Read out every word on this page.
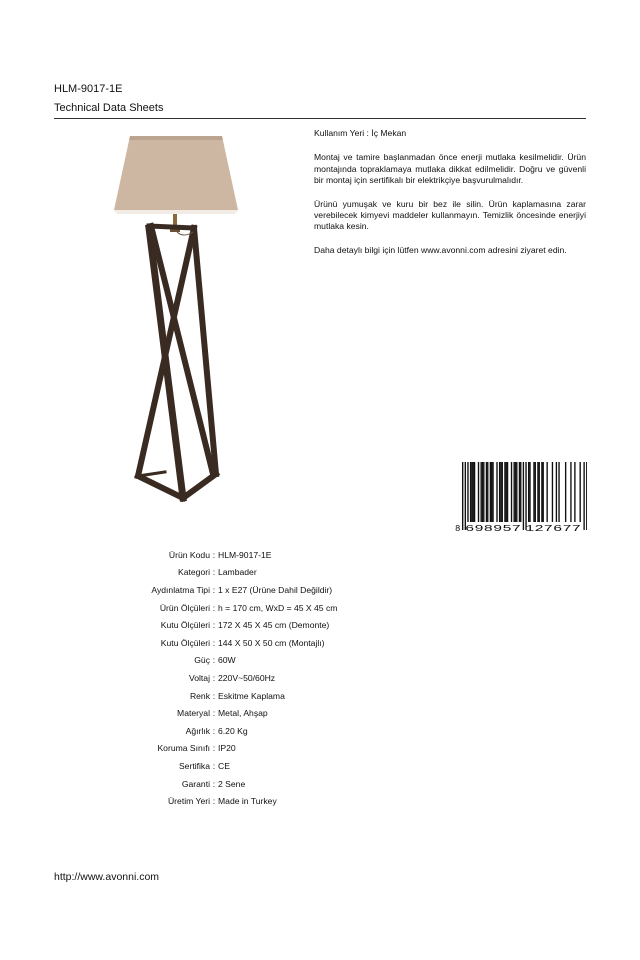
HLM-9017-1E
Technical Data Sheets

Kullanım Yeri : İç Mekan

Montaj ve tamire başlanmadan önce enerji mutlaka kesilmelidir. Ürün montajında topraklamaya mutlaka dikkat edilmelidir. Doğru ve güvenli bir montaj için sertifikalı bir elektrikçiye başvurulmalıdır.

Ürünü yumuşak ve kuru bir bez ile silin. Ürün kaplamasına zarar verebilecek kimyevi maddeler kullanmayın. Temizlik öncesinde enerjiyi mutlaka kesin.

Daha detaylı bilgi için lütfen www.avonni.com adresini ziyaret edin.

8 698957 127677
Ürün Kodu : HLM-9017-1E
Kategori : Lambader
Aydınlatma Tipi : 1 x E27 (Ürüne Dahil Değildir)
Ürün Ölçüleri : h = 170 cm, WxD = 45 X 45 cm
Kutu Ölçüleri : 172 X 45 X 45 cm (Demonte)
Kutu Ölçüleri : 144 X 50 X 50 cm (Montajlı)
Güç : 60W
Voltaj : 220V~50/60Hz
Renk : Eskitme Kaplama
Materyal : Metal, Ahşap
Ağırlık : 6.20 Kg
Koruma Sınıfı : IP20
Sertifika : CE
Garanti : 2 Sene
Üretim Yeri : Made in Turkey
http://www.avonni.com
